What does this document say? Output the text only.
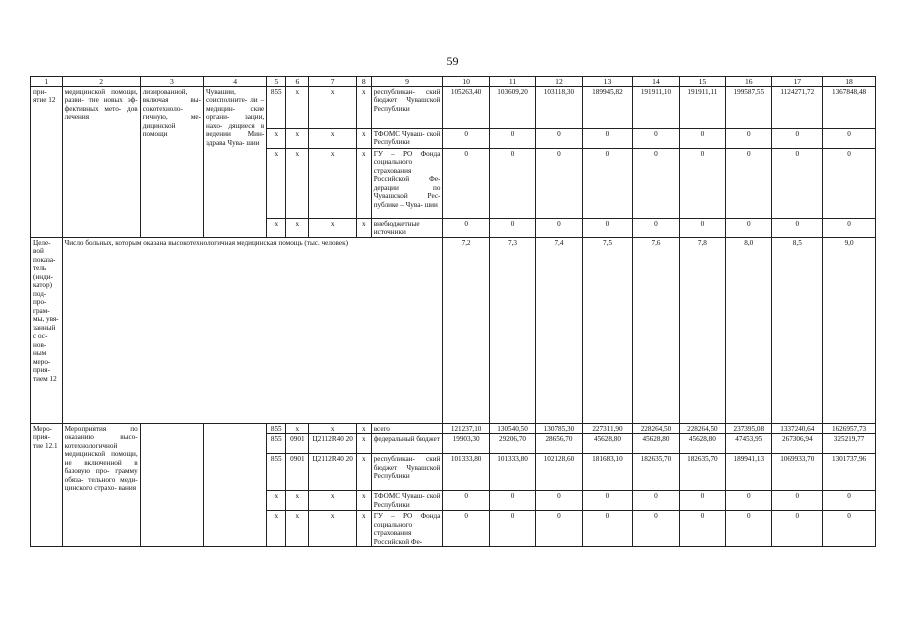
59
1	2	3	4	5	6	7	8	9	10	11	12	13	14	15	16	17	18
при- ятие 12	медицинской помощи, разви- тие новых эф- фективных мето- дов лечения	лизированной, включая вы- сокотехноло- гичную, ме- дицинской помощи	Чувашии, соисполните- ли – медицин- ские органи- зации, нахо- дящиеся в ведении Мин- здрава Чува- шии	855	х	х	х	республикан- ский бюджет Чувашской Республики	105263,40	103609,20	103118,30	189945,82	191911,10	191911,11	199587,55	1124271,72	1367848,48
				х	х	х	х	ТФОМС Чуваш- ской Республики	0	0	0	0	0	0	0	0	0
				х	х	х	х	ГУ – РО Фонда социального страхования Российской Фе- дерации по Чувашской Рес- публике – Чува- шии	0	0	0	0	0	0	0	0	0
				х	х	х	х	внебюджетные источники	0	0	0	0	0	0	0	0	0
Целе- вой показа- тель (инди- катор) под- про- грам- мы, увя- занный с ос- нов- ным меро- прия- тием 12	Число больных, которым оказана высокотехнологичная медицинская помощь (тыс. человек)								7,2	7,3	7,4	7,5	7,6	7,8	8,0	8,5	9,0
Меро- прия- тие 12.1	Мероприятия по оказанию высо- котехнологичной медицинской помощи, не включенной в базовую про- грамму обяза- тельного меди- цинского страхо- вания			855	х	х	х	всего	121237,10	130540,50	130785,30	227311,90	228264,50	228264,50	237395,08	1337240,64	1626957,73
				855	0901	Ц2112R40 20	х	федеральный бюджет	19903,30	29206,70	28656,70	45628,80	45628,80	45628,80	47453,95	267306,94	325219,77
				855	0901	Ц2112R40 20	х	республикан- ский бюджет Чувашской Республики	101333,80	101333,80	102128,60	181683,10	182635,70	182635,70	189941,13	1069933,70	1301737,96
				х	х	х	х	ТФОМС Чуваш- ской Республики	0	0	0	0	0	0	0	0	0
				х	х	х	х	ГУ – РО Фонда социального страхования Российской Фе-	0	0	0	0	0	0	0	0	0
